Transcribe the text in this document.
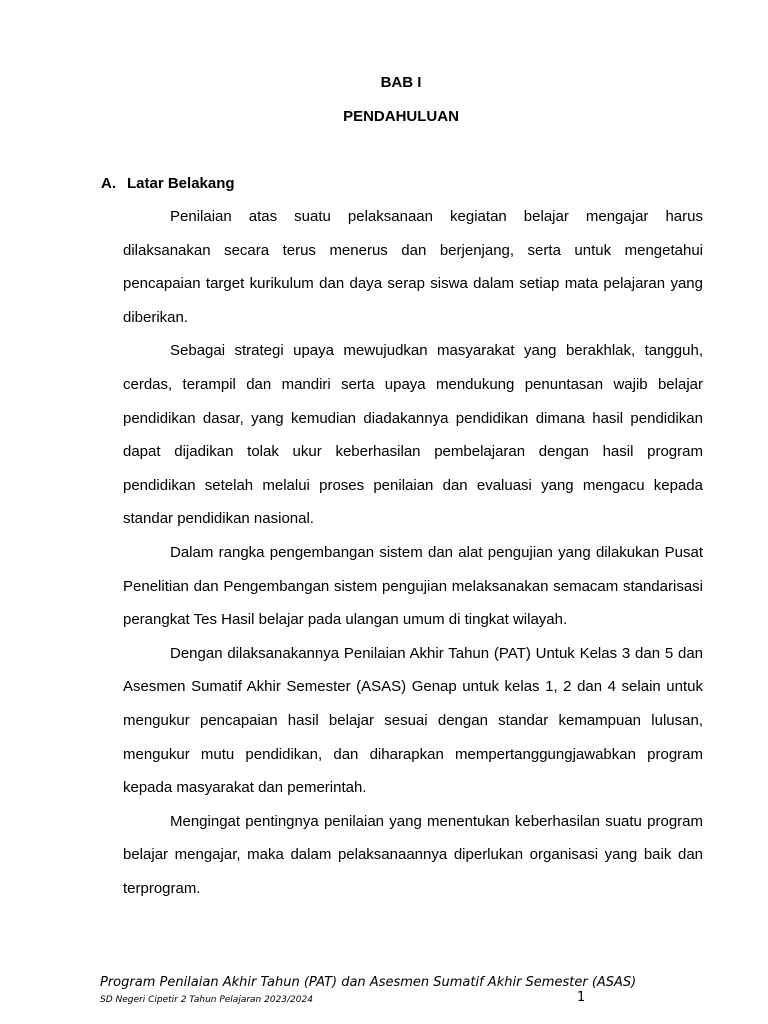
BAB I
PENDAHULUAN
A. Latar Belakang

Penilaian atas suatu pelaksanaan kegiatan belajar mengajar harus dilaksanakan secara terus menerus dan berjenjang, serta untuk mengetahui pencapaian target kurikulum dan daya serap siswa dalam setiap mata pelajaran yang diberikan.

Sebagai strategi upaya mewujudkan masyarakat yang berakhlak, tangguh, cerdas, terampil dan mandiri serta upaya mendukung penuntasan wajib belajar pendidikan dasar, yang kemudian diadakannya pendidikan dimana hasil pendidikan dapat dijadikan tolak ukur keberhasilan pembelajaran dengan hasil program pendidikan setelah melalui proses penilaian dan evaluasi yang mengacu kepada standar pendidikan nasional.

Dalam rangka pengembangan sistem dan alat pengujian yang dilakukan Pusat Penelitian dan Pengembangan sistem pengujian melaksanakan semacam standarisasi perangkat Tes Hasil belajar pada ulangan umum di tingkat wilayah.

Dengan dilaksanakannya Penilaian Akhir Tahun (PAT) Untuk Kelas 3 dan 5 dan Asesmen Sumatif Akhir Semester (ASAS) Genap untuk kelas 1, 2 dan 4 selain untuk mengukur pencapaian hasil belajar sesuai dengan standar kemampuan lulusan, mengukur mutu pendidikan, dan diharapkan mempertanggungjawabkan program kepada masyarakat dan pemerintah.

Mengingat pentingnya penilaian yang menentukan keberhasilan suatu program belajar mengajar, maka dalam pelaksanaannya diperlukan organisasi yang baik dan terprogram.

Program Penilaian Akhir Tahun (PAT) dan Asesmen Sumatif Akhir Semester (ASAS)

SD Negeri Cipetir 2 Tahun Pelajaran 2023/2024	1
